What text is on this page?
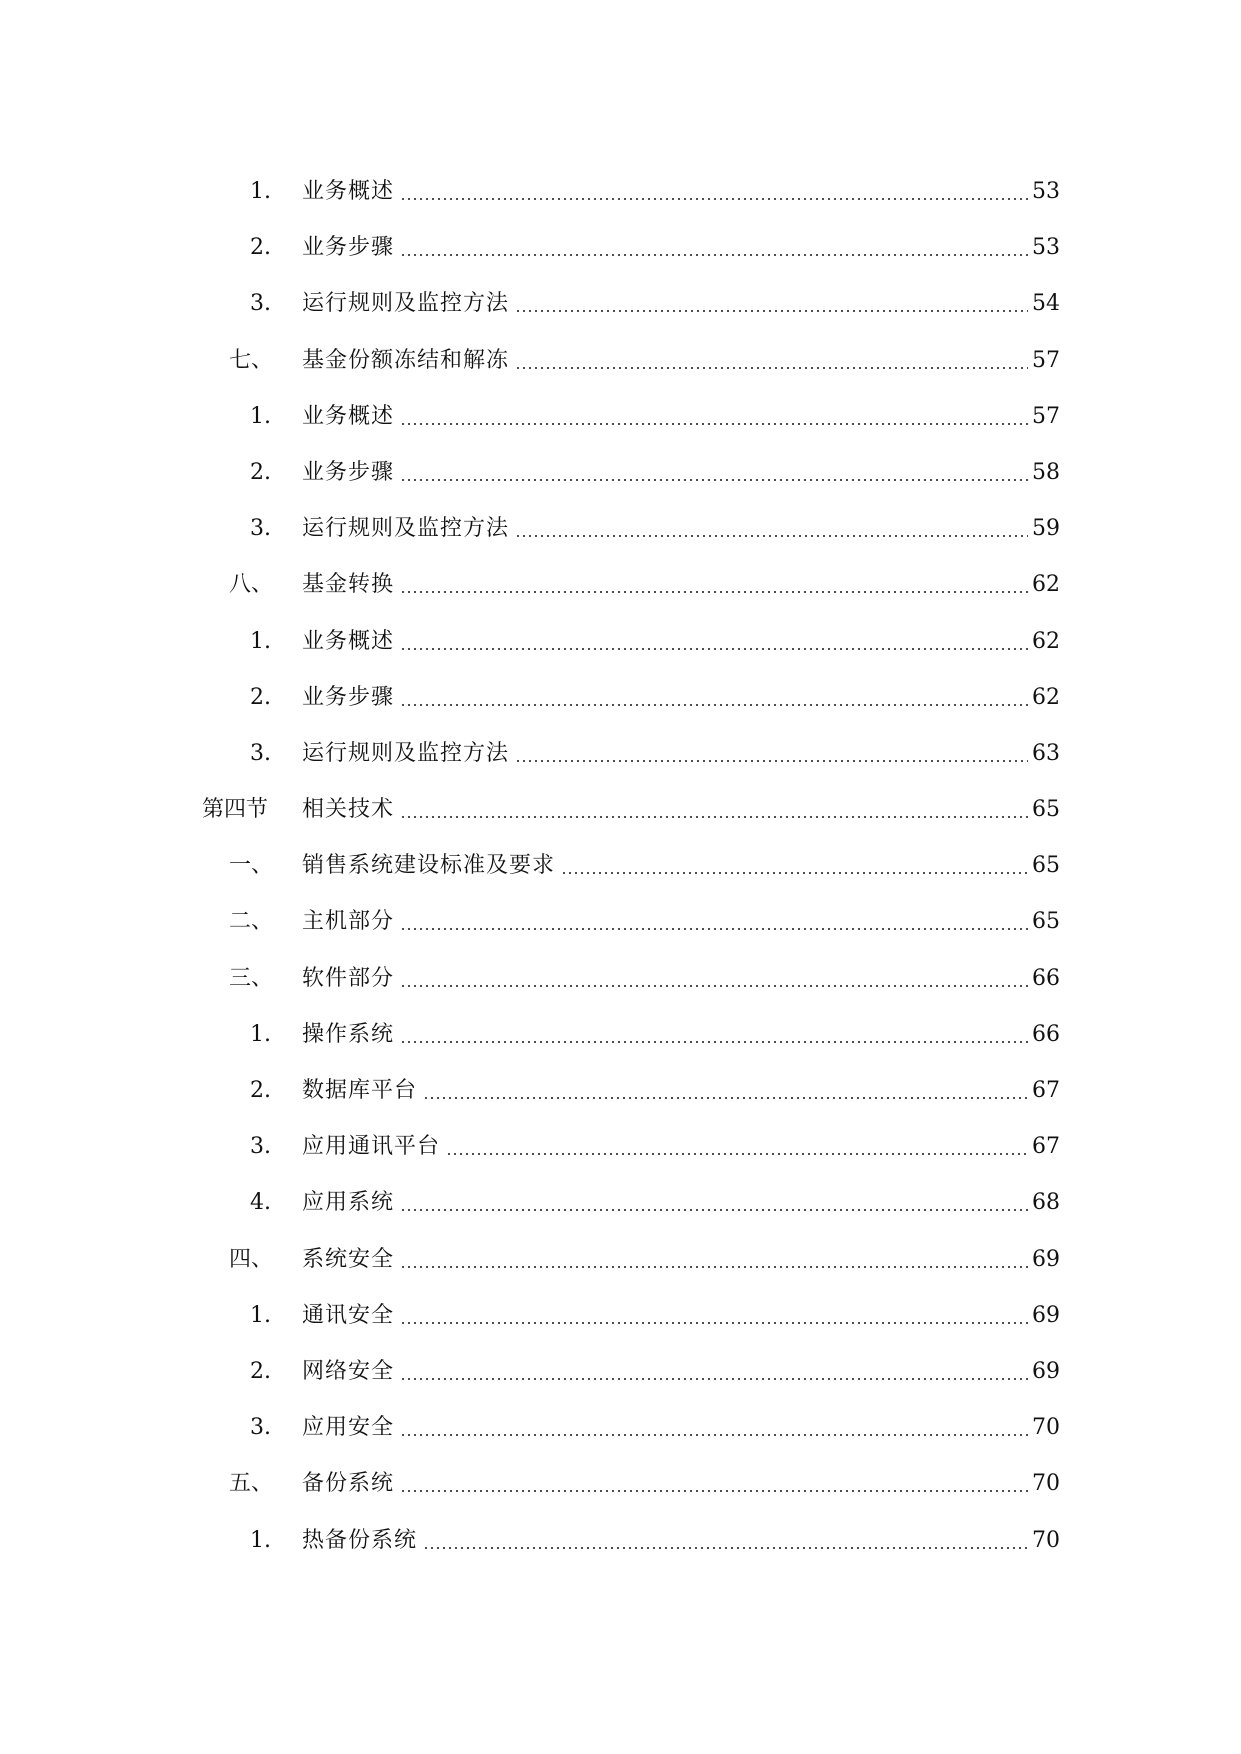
1. 业务概述	53
2. 业务步骤	53
3. 运行规则及监控方法	54
七、 基金份额冻结和解冻	57
1. 业务概述	57
2. 业务步骤	58
3. 运行规则及监控方法	59
八、 基金转换	62
1. 业务概述	62
2. 业务步骤	62
3. 运行规则及监控方法	63
第四节 相关技术	65
一、 销售系统建设标准及要求	65
二、 主机部分	65
三、 软件部分	66
1. 操作系统	66
2. 数据库平台	67
3. 应用通讯平台	67
4. 应用系统	68
四、 系统安全	69
1. 通讯安全	69
2. 网络安全	69
3. 应用安全	70
五、 备份系统	70
1. 热备份系统	70
